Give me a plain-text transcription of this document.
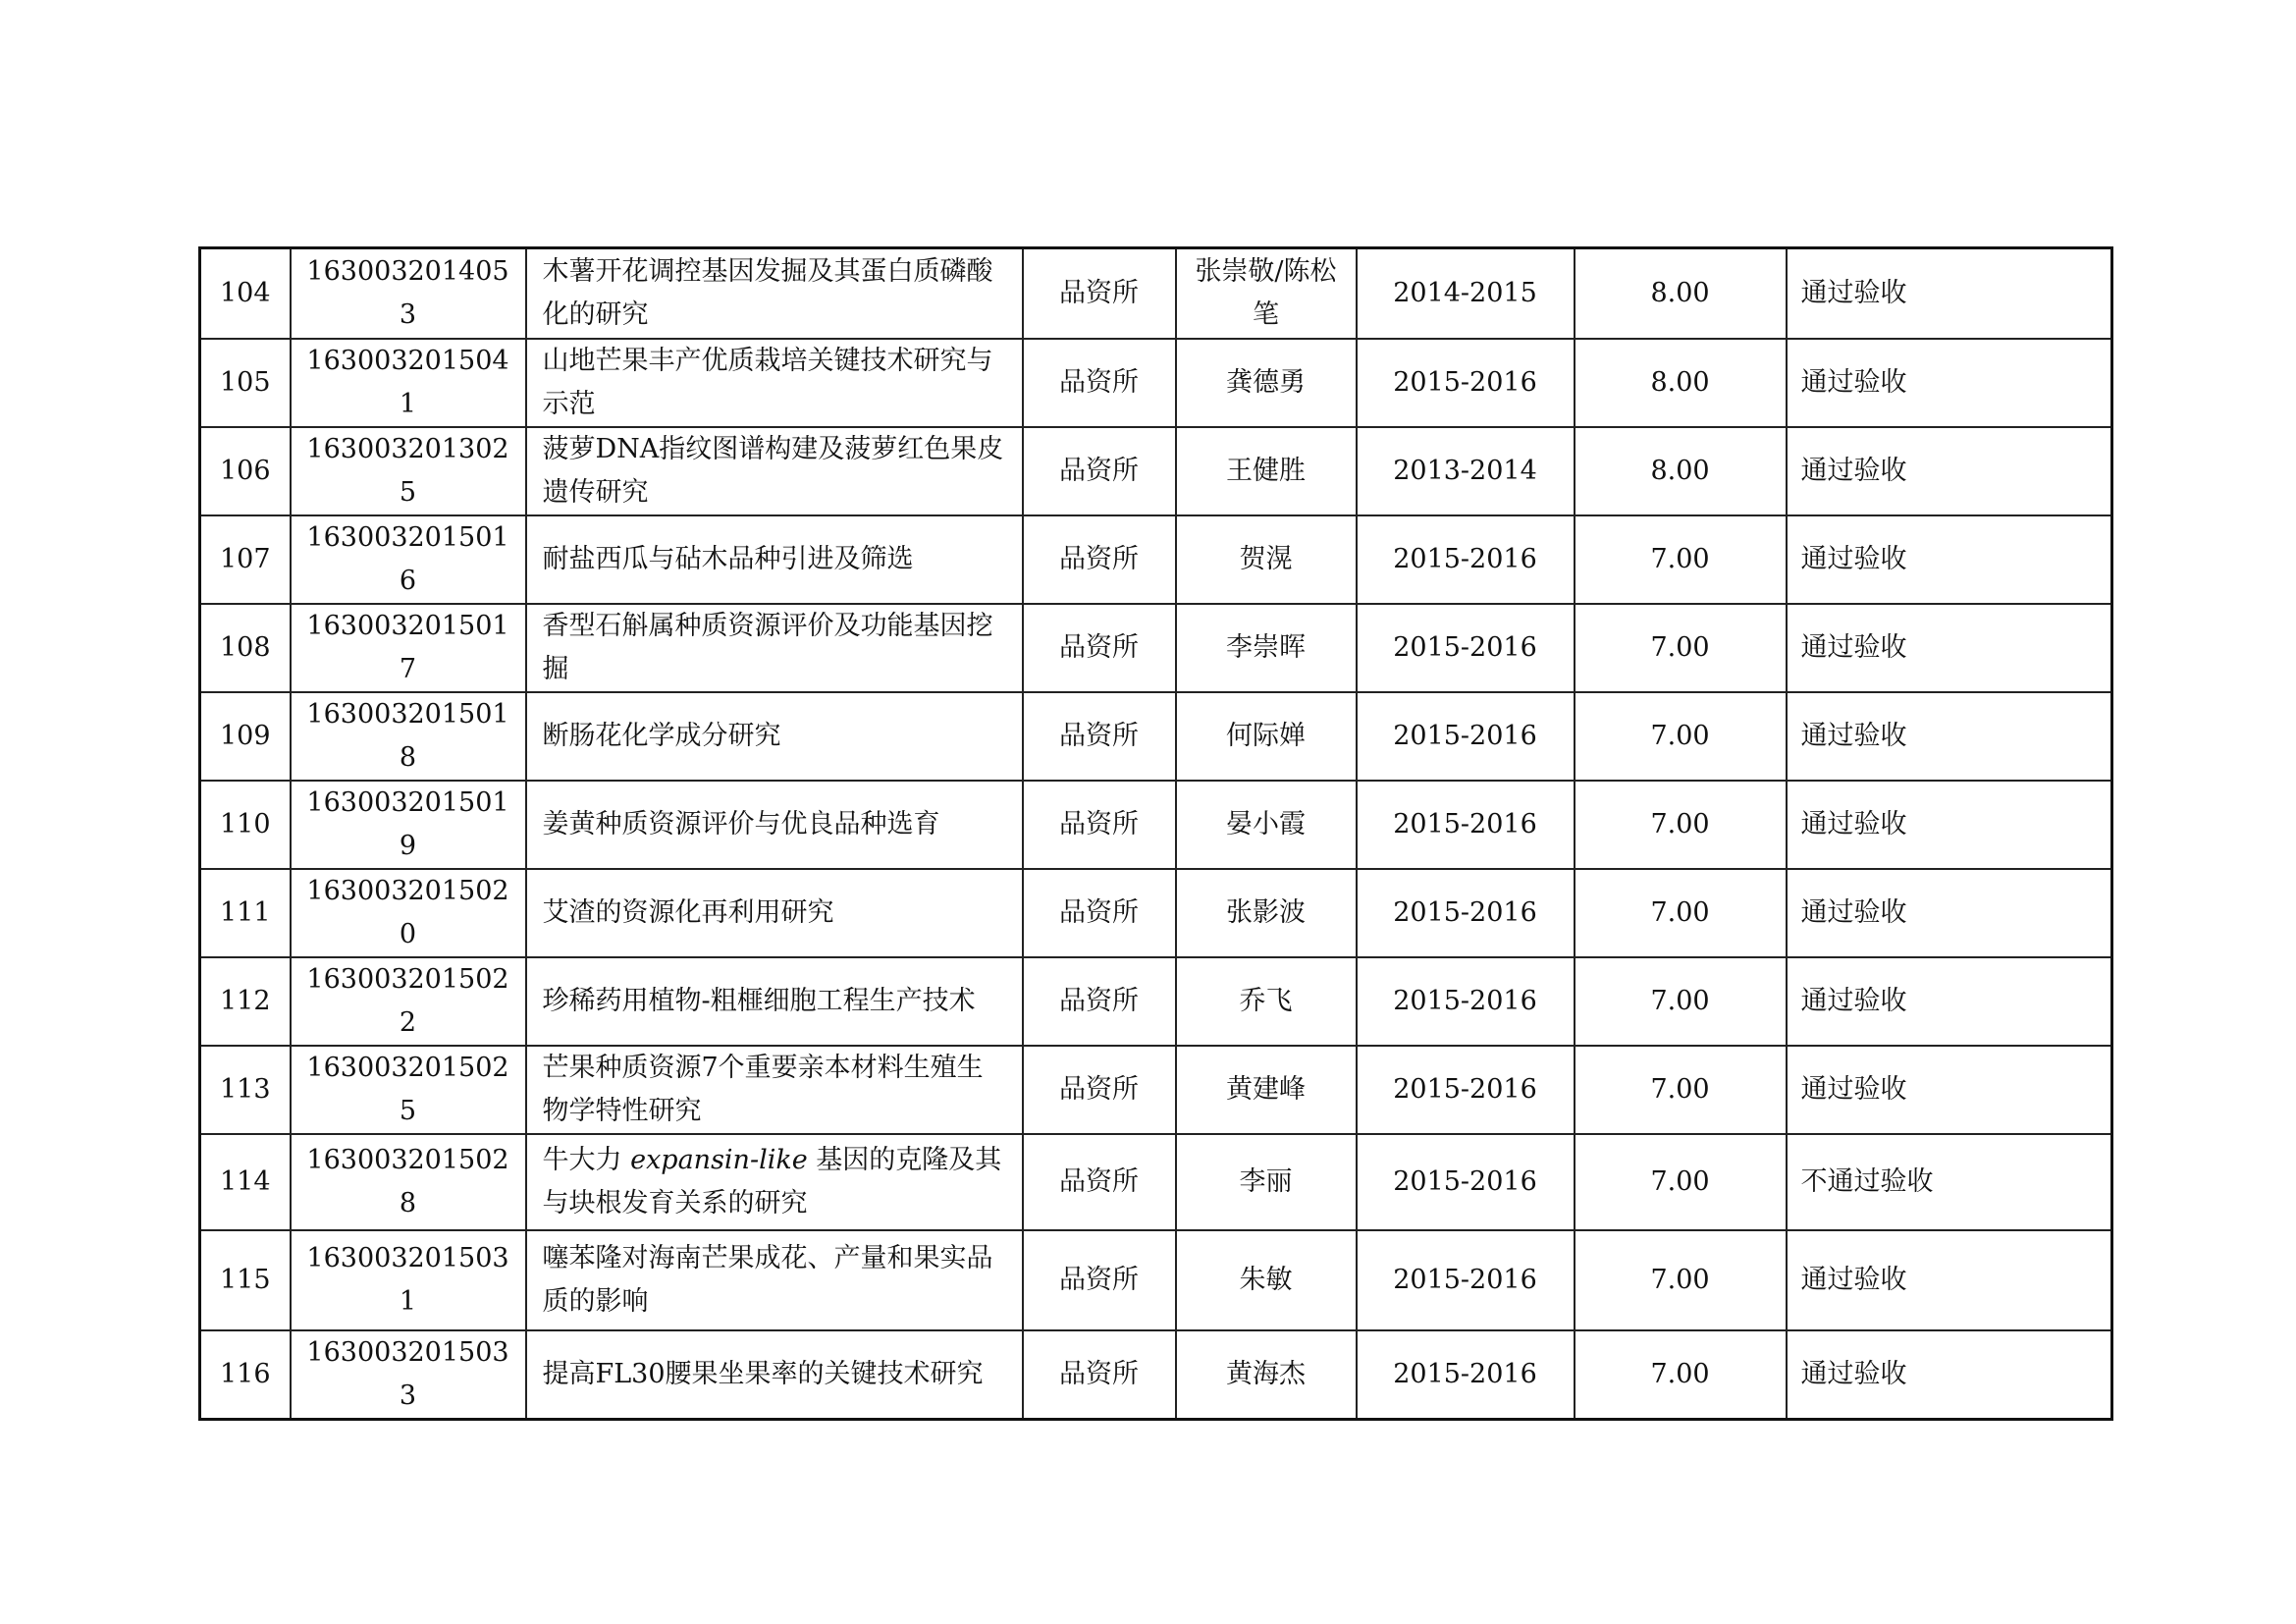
104	1630032014053	木薯开花调控基因发掘及其蛋白质磷酸化的研究	品资所	张崇敬/陈松笔	2014-2015	8.00	通过验收
105	1630032015041	山地芒果丰产优质栽培关键技术研究与示范	品资所	龚德勇	2015-2016	8.00	通过验收
106	1630032013025	菠萝DNA指纹图谱构建及菠萝红色果皮遗传研究	品资所	王健胜	2013-2014	8.00	通过验收
107	1630032015016	耐盐西瓜与砧木品种引进及筛选	品资所	贺滉	2015-2016	7.00	通过验收
108	1630032015017	香型石斛属种质资源评价及功能基因挖掘	品资所	李崇晖	2015-2016	7.00	通过验收
109	1630032015018	断肠花化学成分研究	品资所	何际婵	2015-2016	7.00	通过验收
110	1630032015019	姜黄种质资源评价与优良品种选育	品资所	晏小霞	2015-2016	7.00	通过验收
111	1630032015020	艾渣的资源化再利用研究	品资所	张影波	2015-2016	7.00	通过验收
112	1630032015022	珍稀药用植物-粗榧细胞工程生产技术	品资所	乔飞	2015-2016	7.00	通过验收
113	1630032015025	芒果种质资源7个重要亲本材料生殖生物学特性研究	品资所	黄建峰	2015-2016	7.00	通过验收
114	1630032015028	牛大力 expansin-like 基因的克隆及其与块根发育关系的研究	品资所	李丽	2015-2016	7.00	不通过验收
115	1630032015031	噻苯隆对海南芒果成花、产量和果实品质的影响	品资所	朱敏	2015-2016	7.00	通过验收
116	1630032015033	提高FL30腰果坐果率的关键技术研究	品资所	黄海杰	2015-2016	7.00	通过验收
